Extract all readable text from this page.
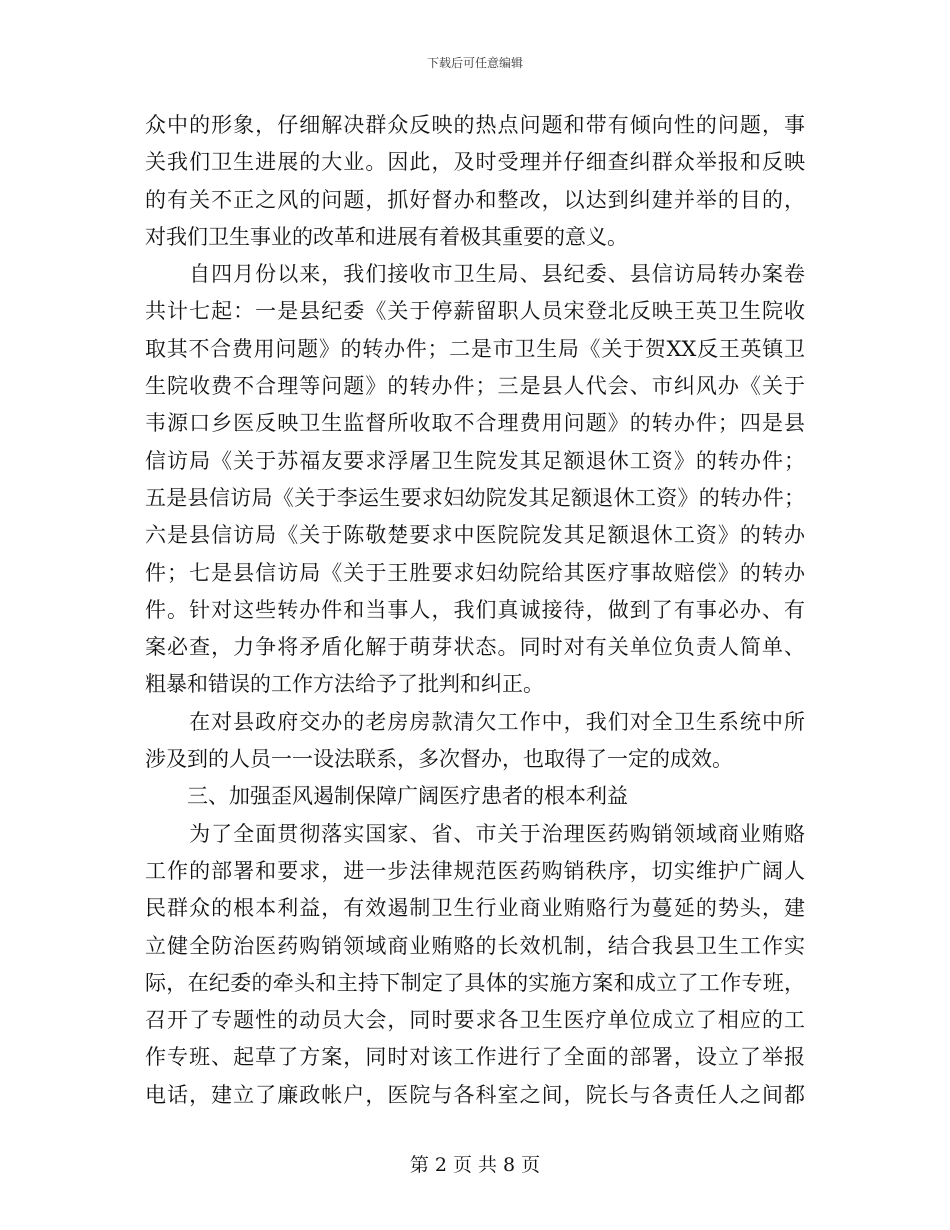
下载后可任意编辑
众中的形象，仔细解决群众反映的热点问题和带有倾向性的问题，事
关我们卫生进展的大业。因此，及时受理并仔细查纠群众举报和反映
的有关不正之风的问题，抓好督办和整改，以达到纠建并举的目的，
对我们卫生事业的改革和进展有着极其重要的意义。
　　自四月份以来，我们接收市卫生局、县纪委、县信访局转办案卷
共计七起：一是县纪委《关于停薪留职人员宋登北反映王英卫生院收
取其不合费用问题》的转办件；二是市卫生局《关于贺XX反王英镇卫
生院收费不合理等问题》的转办件；三是县人代会、市纠风办《关于
韦源口乡医反映卫生监督所收取不合理费用问题》的转办件；四是县
信访局《关于苏福友要求浮屠卫生院发其足额退休工资》的转办件；
五是县信访局《关于李运生要求妇幼院发其足额退休工资》的转办件；
六是县信访局《关于陈敬楚要求中医院院发其足额退休工资》的转办
件；七是县信访局《关于王胜要求妇幼院给其医疗事故赔偿》的转办
件。针对这些转办件和当事人，我们真诚接待，做到了有事必办、有
案必查，力争将矛盾化解于萌芽状态。同时对有关单位负责人简单、
粗暴和错误的工作方法给予了批判和纠正。
　　在对县政府交办的老房房款清欠工作中，我们对全卫生系统中所
涉及到的人员一一设法联系，多次督办，也取得了一定的成效。
　　三、加强歪风遏制保障广阔医疗患者的根本利益
　　为了全面贯彻落实国家、省、市关于治理医药购销领域商业贿赂
工作的部署和要求，进一步法律规范医药购销秩序，切实维护广阔人
民群众的根本利益，有效遏制卫生行业商业贿赂行为蔓延的势头，建
立健全防治医药购销领域商业贿赂的长效机制，结合我县卫生工作实
际，在纪委的牵头和主持下制定了具体的实施方案和成立了工作专班，
召开了专题性的动员大会，同时要求各卫生医疗单位成立了相应的工
作专班、起草了方案，同时对该工作进行了全面的部署，设立了举报
电话，建立了廉政帐户，医院与各科室之间，院长与各责任人之间都
第 2 页 共 8 页
